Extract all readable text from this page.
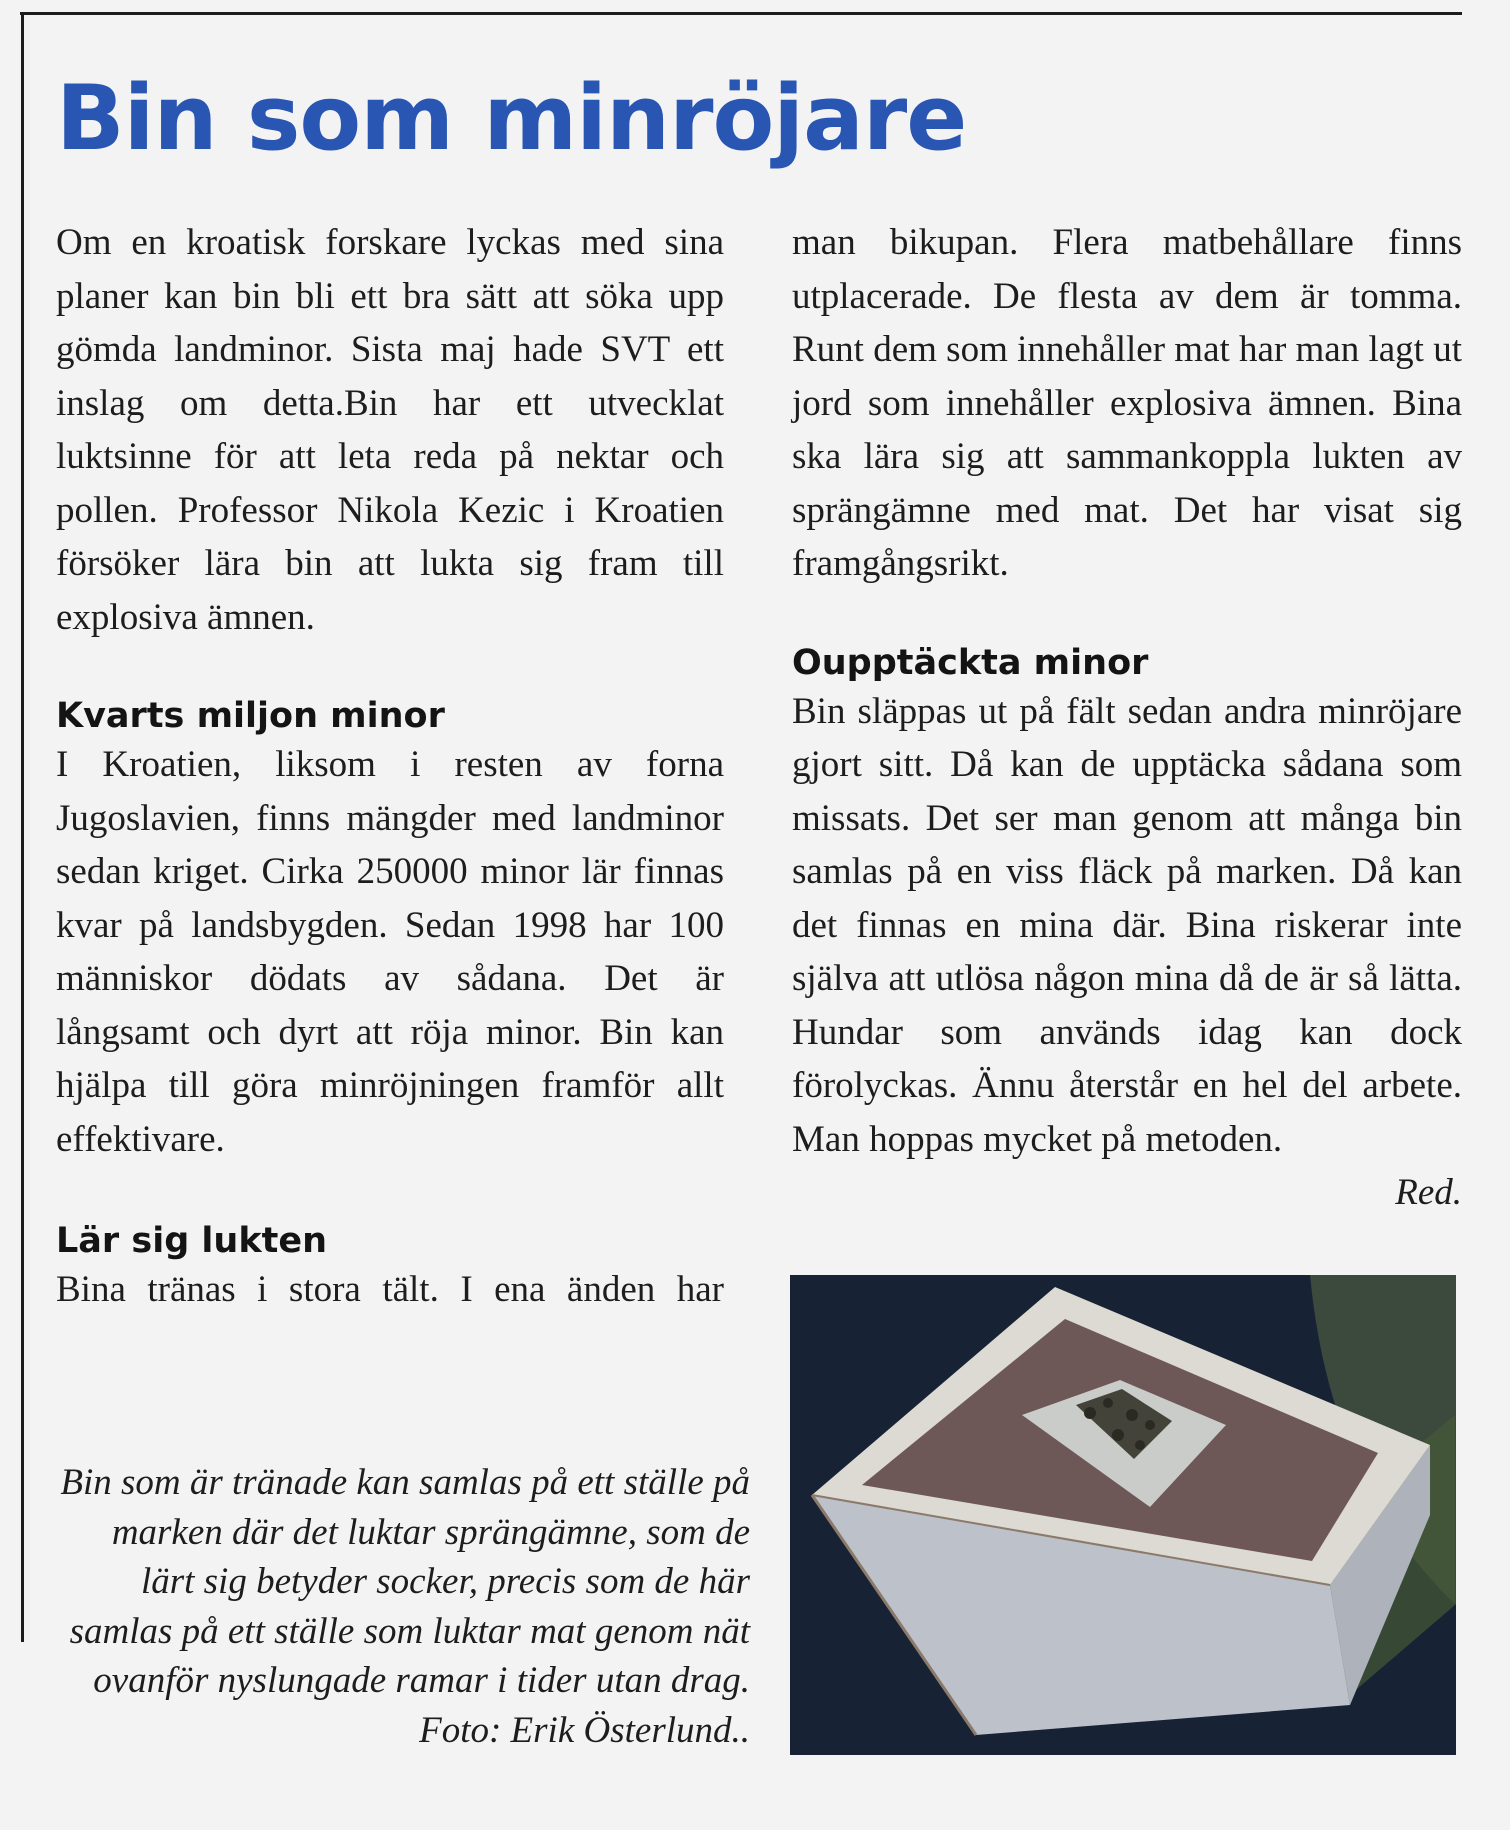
Bin som minröjare

Om en kroatisk forskare lyckas med sina planer kan bin bli ett bra sätt att söka upp gömda landminor. Sista maj hade SVT ett inslag om detta.Bin har ett utvecklat luktsinne för att leta reda på nektar och pollen. Professor Nikola Kezic i Kroatien försöker lära bin att lukta sig fram till explosiva ämnen.

Kvarts miljon minor

I Kroatien, liksom i resten av forna Jugoslavien, finns mängder med landminor sedan kriget. Cirka 250000 minor lär finnas kvar på landsbygden. Sedan 1998 har 100 människor dödats av sådana. Det är långsamt och dyrt att röja minor. Bin kan hjälpa till göra minröjningen framför allt effektivare.

Lär sig lukten

Bina tränas i stora tält. I ena änden har

man bikupan. Flera matbehållare finns utplacerade. De flesta av dem är tomma. Runt dem som innehåller mat har man lagt ut jord som innehåller explosiva ämnen. Bina ska lära sig att sammankoppla lukten av sprängämne med mat. Det har visat sig framgångsrikt.

Oupptäckta minor

Bin släppas ut på fält sedan andra minröjare gjort sitt. Då kan de upptäcka sådana som missats. Det ser man genom att många bin samlas på en viss fläck på marken. Då kan det finnas en mina där. Bina riskerar inte själva att utlösa någon mina då de är så lätta. Hundar som används idag kan dock förolyckas. Ännu återstår en hel del arbete. Man hoppas mycket på metoden.

Red.

Bin som är tränade kan samlas på ett ställe på marken där det luktar sprängämne, som de lärt sig betyder socker, precis som de här samlas på ett ställe som luktar mat genom nät ovanför nyslungade ramar i tider utan drag. Foto: Erik Österlund..
